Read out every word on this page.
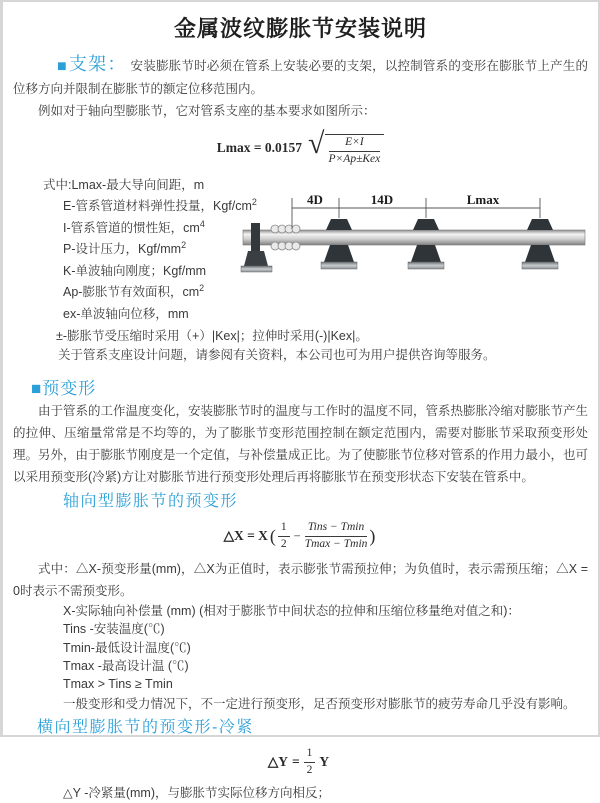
金属波纹膨胀节安装说明

■ 支架： 安装膨胀节时必须在管系上安装必要的支架，以控制管系的变形在膨胀节上产生的位移方向并限制在膨胀节的额定位移范围内。

例如对于轴向型膨胀节，它对管系支座的基本要求如图所示：

Lmax = 0.0157 √	E×I
P×Ap±Kex
式中:Lmax-最大导向间距，m
E-管系管道材料弹性投量，Kgf/$cm^2$
I-管系管道的惯性矩，$cm^4$
P-设计压力，Kgf/$mm^2$
K-单波轴向刚度；Kgf/mm
Ap-膨胀节有效面积，$cm^2$
ex-单波轴向位移，mm
±-膨胀节受压缩时采用（+）|Kex|；拉伸时采用(-)|Kex|。
关于管系支座设计问题，请参阅有关资料，本公司也可为用户提供咨询等服务。
4D	14D	Lmax
■预变形

由于管系的工作温度变化，安装膨胀节时的温度与工作时的温度不同，管系热膨胀冷缩对膨胀节产生的拉伸、压缩量常常是不均等的，为了膨胀节变形范围控制在额定范围内，需要对膨胀节采取预变形处理。另外，由于膨胀节刚度是一个定值，与补偿量成正比。为了使膨胀节位移对管系的作用力最小，也可以采用预变形(冷紧)方让对膨胀节进行预变形处理后再将膨胀节在预变形状态下安装在管系中。

轴向型膨胀节的预变形
△X = X ( 1
2
−
Tins − Tmin
Tmax − Tmin )

式中：△X-预变形量(mm)，△X为正值时，表示膨张节需预拉伸；为负值时，表示需预压缩；△X = 0时表示不需预变形。

X-实际轴向补偿量 (mm) (相对于膨胀节中间状态的拉伸和压缩位移量绝对值之和)：
Tins -安装温度(℃)
Tmin-最低设计温度(℃)
Tmax -最高设计温 (℃)
Tmax > Tins ≥ Tmin
一般变形和受力情况下，不一定进行预变形，足否预变形对膨胀节的疲劳寿命几乎没有影响。
横向型膨胀节的预变形-冷紧
△Y = $\frac{1}{2}$ Y
△Y -冷紧量(mm)，与膨胀节实际位移方向相反；
